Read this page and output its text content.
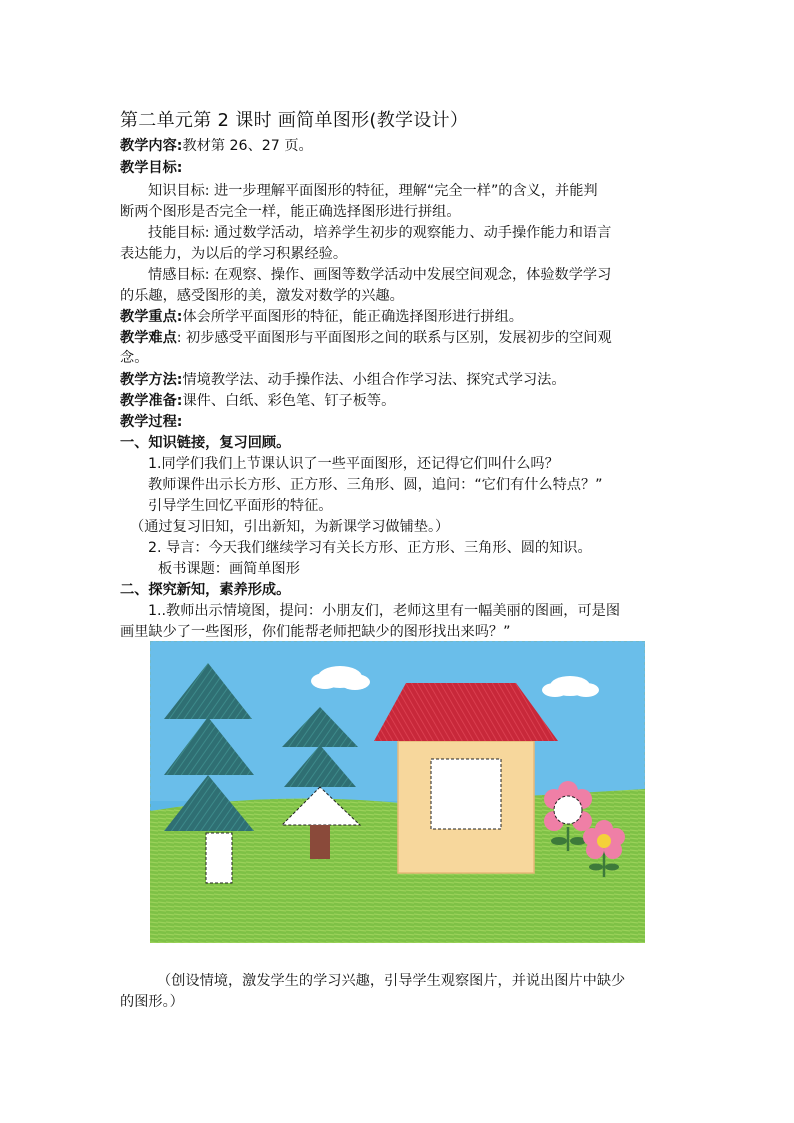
第二单元第 2 课时 画简单图形(教学设计）
教学内容:教材第 26、27 页。
教学目标:
知识目标: 进一步理解平面图形的特征，理解“完全一样”的含义，并能判
断两个图形是否完全一样，能正确选择图形进行拼组。
技能目标: 通过数学活动，培养学生初步的观察能力、动手操作能力和语言
表达能力，为以后的学习积累经验。
情感目标: 在观察、操作、画图等数学活动中发展空间观念，体验数学学习
的乐趣，感受图形的美，激发对数学的兴趣。
教学重点:体会所学平面图形的特征，能正确选择图形进行拼组。
教学难点: 初步感受平面图形与平面图形之间的联系与区别，发展初步的空间观
念。
教学方法:情境教学法、动手操作法、小组合作学习法、探究式学习法。
教学准备:课件、白纸、彩色笔、钉子板等。
教学过程:
一、知识链接，复习回顾。
1.同学们我们上节课认识了一些平面图形，还记得它们叫什么吗？
教师课件出示长方形、正方形、三角形、圆，追问：“它们有什么特点？”
引导学生回忆平面形的特征。
（通过复习旧知，引出新知，为新课学习做铺垫。）
2. 导言：今天我们继续学习有关长方形、正方形、三角形、圆的知识。
板书课题：画简单图形
二、探究新知，素养形成。
1..教师出示情境图，提问：小朋友们，老师这里有一幅美丽的图画，可是图
画里缺少了一些图形，你们能帮老师把缺少的图形找出来吗？”
（创设情境，激发学生的学习兴趣，引导学生观察图片，并说出图片中缺少
的图形。）
